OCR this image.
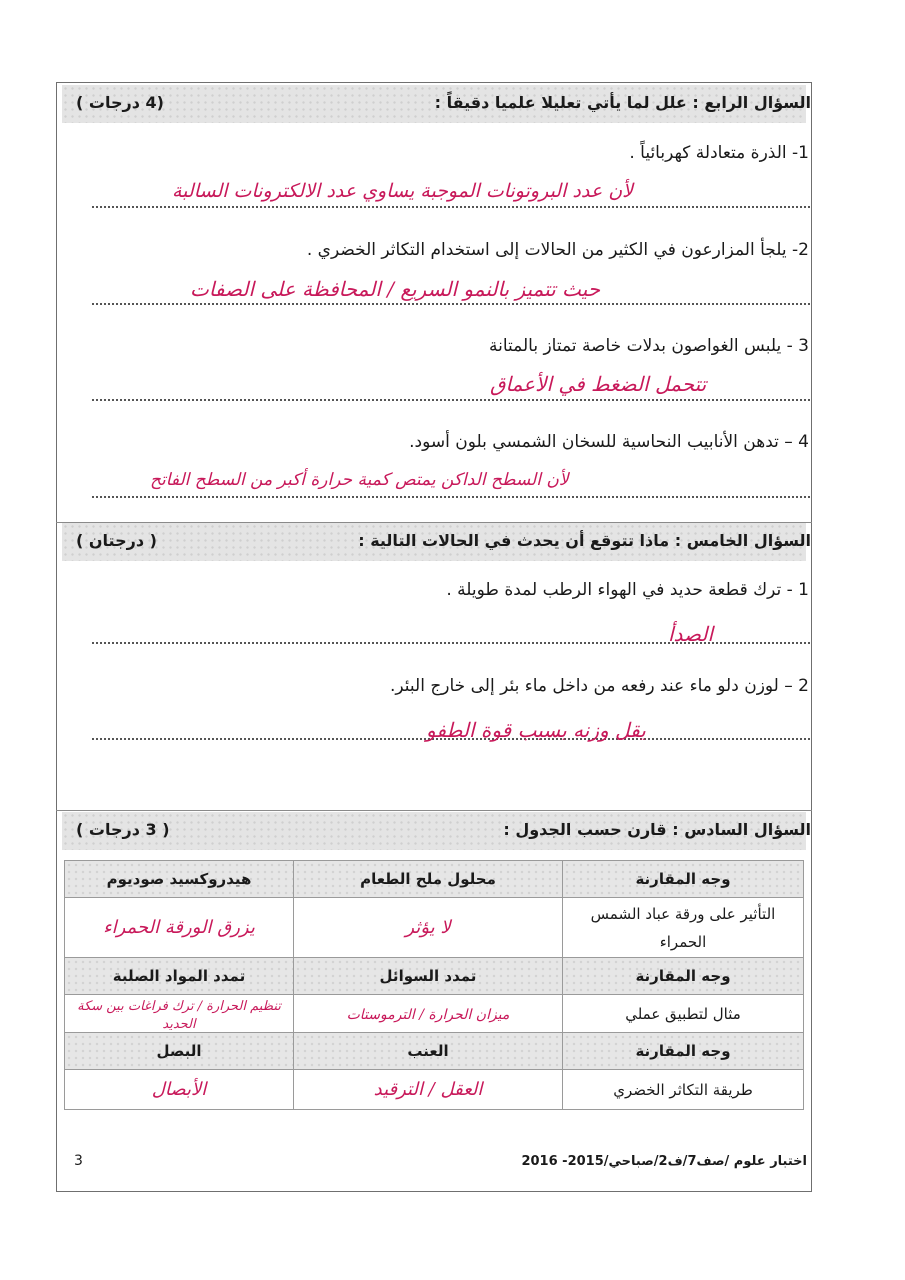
السؤال الرابع : علل لما يأتي تعليلا علميا دقيقاً :
(4 درجات )
1- الذرة متعادلة كهربائياً .
لأن عدد البروتونات الموجبة يساوي عدد الالكترونات السالبة
2- يلجأ المزارعون في الكثير من الحالات إلى استخدام التكاثر الخضري .
حيث تتميز بالنمو السريع / المحافظة على الصفات
3 - يلبس الغواصون بدلات خاصة تمتاز بالمتانة
تتحمل الضغط في الأعماق
4 – تدهن الأنابيب النحاسية للسخان الشمسي بلون أسود.
لأن السطح الداكن يمتص كمية حرارة أكبر من السطح الفاتح
السؤال الخامس : ماذا تتوقع أن يحدث في الحالات التالية :
( درجتان )
1 - ترك قطعة حديد في الهواء الرطب لمدة طويلة .
الصدأ
2 – لوزن دلو ماء عند رفعه من داخل ماء بئر إلى خارج البئر.
يقل وزنه بسبب قوة الطفو
السؤال السادس : قارن حسب الجدول :
( 3 درجات )
وجه المقارنة	محلول ملح الطعام	هيدروكسيد صوديوم
التأثير على ورقة عباد الشمس الحمراء	لا يؤثر	يزرق الورقة الحمراء
وجه المقارنة	تمدد السوائل	تمدد المواد الصلبة
مثال لتطبيق عملي	ميزان الحرارة / الترموستات	تنظيم الحرارة / ترك فراغات بين سكة الحديد
وجه المقارنة	العنب	البصل
طريقة التكاثر الخضري	العقل / الترقيد	الأبصال
اختبار علوم /صف7/ف2/صباحي/2015- 2016
3
